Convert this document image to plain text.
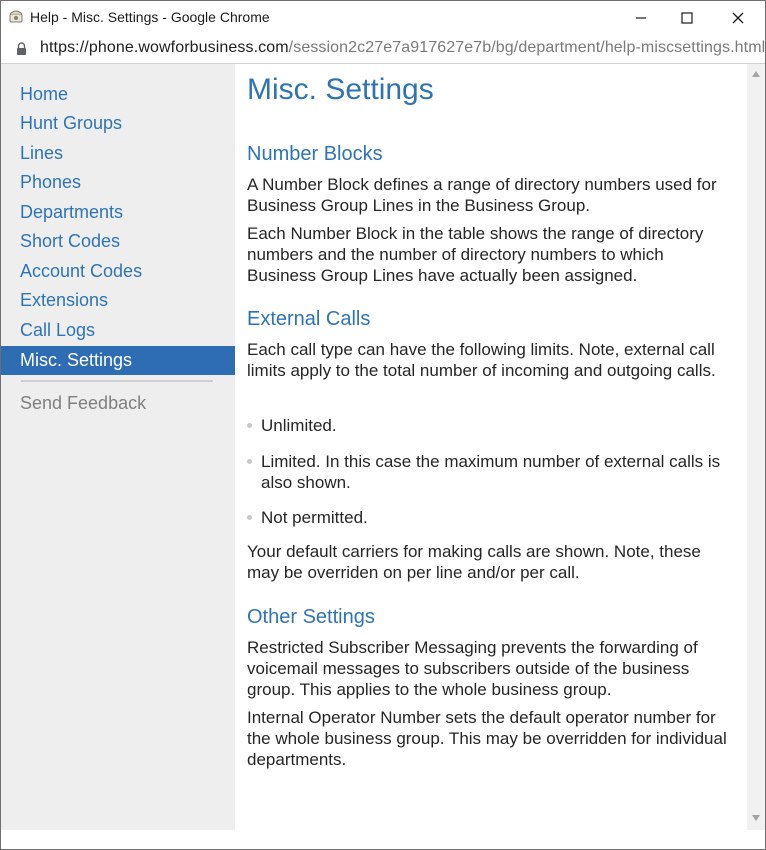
Help - Misc. Settings - Google Chrome
https://phone.wowforbusiness.com/session2c27e7a917627e7b/bg/department/help-miscsettings.html
Home
Hunt Groups
Lines
Phones
Departments
Short Codes
Account Codes
Extensions
Call Logs
Misc. Settings
Send Feedback
Misc. Settings
Number Blocks

A Number Block defines a range of directory numbers used for Business Group Lines in the Business Group.

Each Number Block in the table shows the range of directory numbers and the number of directory numbers to which Business Group Lines have actually been assigned.

External Calls

Each call type can have the following limits. Note, external call limits apply to the total number of incoming and outgoing calls.

Unlimited.
Limited. In this case the maximum number of external calls is also shown.
Not permitted.

Your default carriers for making calls are shown. Note, these may be overriden on per line and/or per call.

Other Settings

Restricted Subscriber Messaging prevents the forwarding of voicemail messages to subscribers outside of the business group. This applies to the whole business group.

Internal Operator Number sets the default operator number for the whole business group. This may be overridden for individual departments.
